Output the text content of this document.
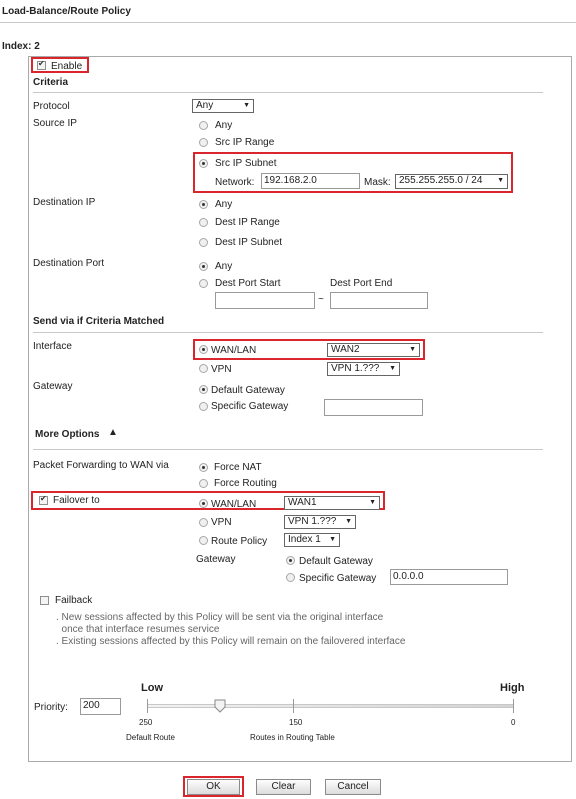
Load-Balance/Route Policy
Index: 2
✔
Enable
Criteria
Protocol	Any	▼
Source IP	Any
Src IP Range
Src IP Subnet
Network: 192.168.2.0	Mask: 255.255.255.0 / 24 ▼
Destination IP	Any
Dest IP Range
Dest IP Subnet
Destination Port	Any
Dest Port Start	Dest Port End
~
Send via if Criteria Matched
Interface	WAN/LAN	WAN2	▼
VPN	VPN 1.??? ▼
Gateway	Default Gateway
Specific Gateway
More Options ▲
Packet Forwarding to WAN via	Force NAT
Force Routing
✔
Failover to	WAN/LAN	WAN1	▼
VPN	VPN 1.??? ▼
Route Policy	Index 1 ▼
Gateway	Default Gateway
Specific Gateway	0.0.0.0
Failback
. New sessions affected by this Policy will be sent via the original interface
once that interface resumes service
. Existing sessions affected by this Policy will remain on the failovered interface
Low	High
Priority:	200
250	150	0
Default Route	Routes in Routing Table
OK	Clear	Cancel
